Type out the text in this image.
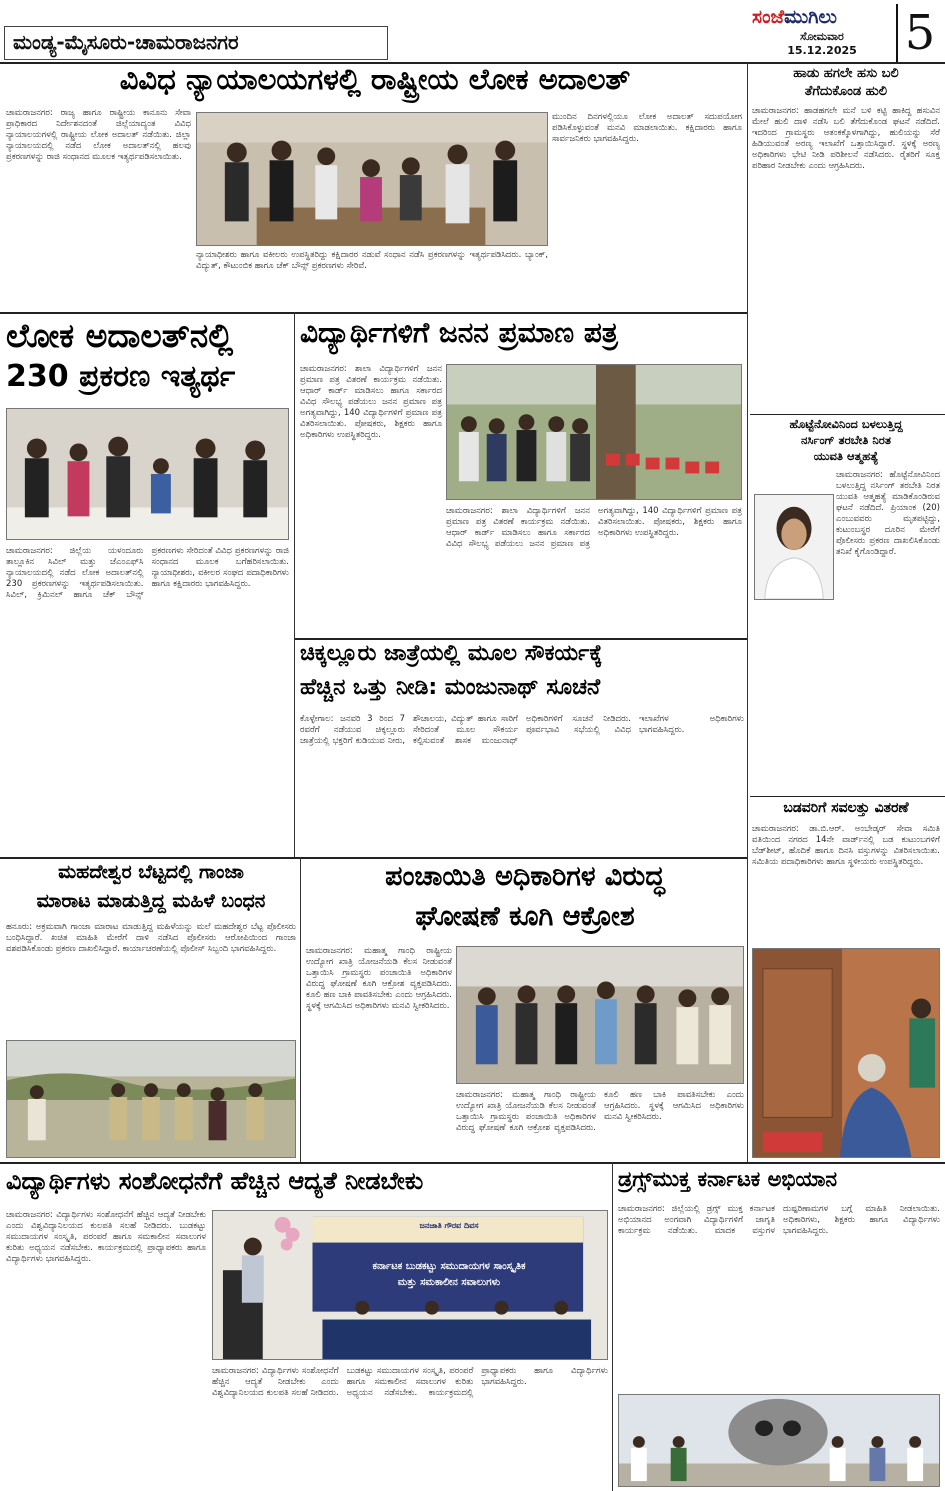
ಮಂಡ್ಯ-ಮೈಸೂರು-ಚಾಮರಾಜನಗರ
ಸಂಜೆಮುಗಿಲು
ಸೋಮವಾರ
15.12.2025 5
ವಿವಿಧ ನ್ಯಾಯಾಲಯಗಳಲ್ಲಿ ರಾಷ್ಟ್ರೀಯ ಲೋಕ ಅದಾಲತ್
ಚಾಮರಾಜನಗರ: ರಾಜ್ಯ ಹಾಗೂ ರಾಷ್ಟ್ರೀಯ ಕಾನೂನು ಸೇವಾ ಪ್ರಾಧಿಕಾರದ ನಿರ್ದೇಶನದಂತೆ ಜಿಲ್ಲೆಯಾದ್ಯಂತ ವಿವಿಧ ನ್ಯಾಯಾಲಯಗಳಲ್ಲಿ ರಾಷ್ಟ್ರೀಯ ಲೋಕ ಅದಾಲತ್ ನಡೆಯಿತು. ಜಿಲ್ಲಾ ನ್ಯಾಯಾಲಯದಲ್ಲಿ ನಡೆದ ಲೋಕ ಅದಾಲತ್‌ನಲ್ಲಿ ಹಲವು ಪ್ರಕರಣಗಳನ್ನು ರಾಜಿ ಸಂಧಾನದ ಮೂಲಕ ಇತ್ಯರ್ಥಪಡಿಸಲಾಯಿತು.
ನ್ಯಾಯಾಧೀಶರು ಹಾಗೂ ವಕೀಲರು ಉಪಸ್ಥಿತರಿದ್ದು ಕಕ್ಷಿದಾರರ ನಡುವೆ ಸಂಧಾನ ನಡೆಸಿ ಪ್ರಕರಣಗಳನ್ನು ಇತ್ಯರ್ಥಪಡಿಸಿದರು. ಬ್ಯಾಂಕ್, ವಿದ್ಯುತ್, ಕೌಟುಂಬಿಕ ಹಾಗೂ ಚೆಕ್ ಬೌನ್ಸ್ ಪ್ರಕರಣಗಳು ಸೇರಿವೆ.
ಮುಂದಿನ ದಿನಗಳಲ್ಲಿಯೂ ಲೋಕ ಅದಾಲತ್ ಸದುಪಯೋಗ ಪಡಿಸಿಕೊಳ್ಳುವಂತೆ ಮನವಿ ಮಾಡಲಾಯಿತು. ಕಕ್ಷಿದಾರರು ಹಾಗೂ ಸಾರ್ವಜನಿಕರು ಭಾಗವಹಿಸಿದ್ದರು.
ಲೋಕ ಅದಾಲತ್‌ನಲ್ಲಿ
230 ಪ್ರಕರಣ ಇತ್ಯರ್ಥ
ಚಾಮರಾಜನಗರ: ಜಿಲ್ಲೆಯ ಯಳಂದೂರು ತಾಲ್ಲೂಕಿನ ಸಿವಿಲ್ ಮತ್ತು ಜೆಎಂಎಫ್‌ಸಿ ನ್ಯಾಯಾಲಯದಲ್ಲಿ ನಡೆದ ಲೋಕ ಅದಾಲತ್‌ನಲ್ಲಿ 230 ಪ್ರಕರಣಗಳನ್ನು ಇತ್ಯರ್ಥಪಡಿಸಲಾಯಿತು. ಸಿವಿಲ್, ಕ್ರಿಮಿನಲ್ ಹಾಗೂ ಚೆಕ್ ಬೌನ್ಸ್ ಪ್ರಕರಣಗಳು ಸೇರಿದಂತೆ ವಿವಿಧ ಪ್ರಕರಣಗಳನ್ನು ರಾಜಿ ಸಂಧಾನದ ಮೂಲಕ ಬಗೆಹರಿಸಲಾಯಿತು. ನ್ಯಾಯಾಧೀಶರು, ವಕೀಲರ ಸಂಘದ ಪದಾಧಿಕಾರಿಗಳು ಹಾಗೂ ಕಕ್ಷಿದಾರರು ಭಾಗವಹಿಸಿದ್ದರು.
ವಿದ್ಯಾರ್ಥಿಗಳಿಗೆ ಜನನ ಪ್ರಮಾಣ ಪತ್ರ
ಚಾಮರಾಜನಗರ: ಶಾಲಾ ವಿದ್ಯಾರ್ಥಿಗಳಿಗೆ ಜನನ ಪ್ರಮಾಣ ಪತ್ರ ವಿತರಣೆ ಕಾರ್ಯಕ್ರಮ ನಡೆಯಿತು. ಆಧಾರ್ ಕಾರ್ಡ್ ಮಾಡಿಸಲು ಹಾಗೂ ಸರ್ಕಾರದ ವಿವಿಧ ಸೌಲಭ್ಯ ಪಡೆಯಲು ಜನನ ಪ್ರಮಾಣ ಪತ್ರ ಅಗತ್ಯವಾಗಿದ್ದು, 140 ವಿದ್ಯಾರ್ಥಿಗಳಿಗೆ ಪ್ರಮಾಣ ಪತ್ರ ವಿತರಿಸಲಾಯಿತು. ಪೋಷಕರು, ಶಿಕ್ಷಕರು ಹಾಗೂ ಅಧಿಕಾರಿಗಳು ಉಪಸ್ಥಿತರಿದ್ದರು.
ಚಾಮರಾಜನಗರ: ಶಾಲಾ ವಿದ್ಯಾರ್ಥಿಗಳಿಗೆ ಜನನ ಪ್ರಮಾಣ ಪತ್ರ ವಿತರಣೆ ಕಾರ್ಯಕ್ರಮ ನಡೆಯಿತು. ಆಧಾರ್ ಕಾರ್ಡ್ ಮಾಡಿಸಲು ಹಾಗೂ ಸರ್ಕಾರದ ವಿವಿಧ ಸೌಲಭ್ಯ ಪಡೆಯಲು ಜನನ ಪ್ರಮಾಣ ಪತ್ರ ಅಗತ್ಯವಾಗಿದ್ದು, 140 ವಿದ್ಯಾರ್ಥಿಗಳಿಗೆ ಪ್ರಮಾಣ ಪತ್ರ ವಿತರಿಸಲಾಯಿತು. ಪೋಷಕರು, ಶಿಕ್ಷಕರು ಹಾಗೂ ಅಧಿಕಾರಿಗಳು ಉಪಸ್ಥಿತರಿದ್ದರು.
ಚಿಕ್ಕಲ್ಲೂರು ಜಾತ್ರೆಯಲ್ಲಿ ಮೂಲ ಸೌಕರ್ಯಕ್ಕೆ
ಹೆಚ್ಚಿನ ಒತ್ತು ನೀಡಿ: ಮಂಜುನಾಥ್ ಸೂಚನೆ
ಕೊಳ್ಳೇಗಾಲ: ಜನವರಿ 3 ರಿಂದ 7 ರವರೆಗೆ ನಡೆಯುವ ಚಿಕ್ಕಲ್ಲೂರು ಜಾತ್ರೆಯಲ್ಲಿ ಭಕ್ತರಿಗೆ ಕುಡಿಯುವ ನೀರು, ಶೌಚಾಲಯ, ವಿದ್ಯುತ್ ಹಾಗೂ ಸಾರಿಗೆ ಸೇರಿದಂತೆ ಮೂಲ ಸೌಕರ್ಯ ಕಲ್ಪಿಸುವಂತೆ ಶಾಸಕ ಮಂಜುನಾಥ್ ಅಧಿಕಾರಿಗಳಿಗೆ ಸೂಚನೆ ನೀಡಿದರು. ಪೂರ್ವಭಾವಿ ಸಭೆಯಲ್ಲಿ ವಿವಿಧ ಇಲಾಖೆಗಳ ಅಧಿಕಾರಿಗಳು ಭಾಗವಹಿಸಿದ್ದರು.
ಮಹದೇಶ್ವರ ಬೆಟ್ಟದಲ್ಲಿ ಗಾಂಜಾ
ಮಾರಾಟ ಮಾಡುತ್ತಿದ್ದ ಮಹಿಳೆ ಬಂಧನ
ಹನೂರು: ಅಕ್ರಮವಾಗಿ ಗಾಂಜಾ ಮಾರಾಟ ಮಾಡುತ್ತಿದ್ದ ಮಹಿಳೆಯನ್ನು ಮಲೆ ಮಹದೇಶ್ವರ ಬೆಟ್ಟ ಪೊಲೀಸರು ಬಂಧಿಸಿದ್ದಾರೆ. ಖಚಿತ ಮಾಹಿತಿ ಮೇರೆಗೆ ದಾಳಿ ನಡೆಸಿದ ಪೊಲೀಸರು ಆರೋಪಿಯಿಂದ ಗಾಂಜಾ ವಶಪಡಿಸಿಕೊಂಡು ಪ್ರಕರಣ ದಾಖಲಿಸಿದ್ದಾರೆ. ಕಾರ್ಯಾಚರಣೆಯಲ್ಲಿ ಪೊಲೀಸ್ ಸಿಬ್ಬಂದಿ ಭಾಗವಹಿಸಿದ್ದರು.
ಪಂಚಾಯಿತಿ ಅಧಿಕಾರಿಗಳ ವಿರುದ್ಧ
ಘೋಷಣೆ ಕೂಗಿ ಆಕ್ರೋಶ
ಚಾಮರಾಜನಗರ: ಮಹಾತ್ಮ ಗಾಂಧಿ ರಾಷ್ಟ್ರೀಯ ಉದ್ಯೋಗ ಖಾತ್ರಿ ಯೋಜನೆಯಡಿ ಕೆಲಸ ನೀಡುವಂತೆ ಒತ್ತಾಯಿಸಿ ಗ್ರಾಮಸ್ಥರು ಪಂಚಾಯಿತಿ ಅಧಿಕಾರಿಗಳ ವಿರುದ್ಧ ಘೋಷಣೆ ಕೂಗಿ ಆಕ್ರೋಶ ವ್ಯಕ್ತಪಡಿಸಿದರು. ಕೂಲಿ ಹಣ ಬಾಕಿ ಪಾವತಿಸಬೇಕು ಎಂದು ಆಗ್ರಹಿಸಿದರು. ಸ್ಥಳಕ್ಕೆ ಆಗಮಿಸಿದ ಅಧಿಕಾರಿಗಳು ಮನವಿ ಸ್ವೀಕರಿಸಿದರು.
ಚಾಮರಾಜನಗರ: ಮಹಾತ್ಮ ಗಾಂಧಿ ರಾಷ್ಟ್ರೀಯ ಉದ್ಯೋಗ ಖಾತ್ರಿ ಯೋಜನೆಯಡಿ ಕೆಲಸ ನೀಡುವಂತೆ ಒತ್ತಾಯಿಸಿ ಗ್ರಾಮಸ್ಥರು ಪಂಚಾಯಿತಿ ಅಧಿಕಾರಿಗಳ ವಿರುದ್ಧ ಘೋಷಣೆ ಕೂಗಿ ಆಕ್ರೋಶ ವ್ಯಕ್ತಪಡಿಸಿದರು. ಕೂಲಿ ಹಣ ಬಾಕಿ ಪಾವತಿಸಬೇಕು ಎಂದು ಆಗ್ರಹಿಸಿದರು. ಸ್ಥಳಕ್ಕೆ ಆಗಮಿಸಿದ ಅಧಿಕಾರಿಗಳು ಮನವಿ ಸ್ವೀಕರಿಸಿದರು.
ವಿದ್ಯಾರ್ಥಿಗಳು ಸಂಶೋಧನೆಗೆ ಹೆಚ್ಚಿನ ಆದ್ಯತೆ ನೀಡಬೇಕು
ಚಾಮರಾಜನಗರ: ವಿದ್ಯಾರ್ಥಿಗಳು ಸಂಶೋಧನೆಗೆ ಹೆಚ್ಚಿನ ಆದ್ಯತೆ ನೀಡಬೇಕು ಎಂದು ವಿಶ್ವವಿದ್ಯಾನಿಲಯದ ಕುಲಪತಿ ಸಲಹೆ ನೀಡಿದರು. ಬುಡಕಟ್ಟು ಸಮುದಾಯಗಳ ಸಂಸ್ಕೃತಿ, ಪರಂಪರೆ ಹಾಗೂ ಸಮಕಾಲೀನ ಸವಾಲುಗಳ ಕುರಿತು ಅಧ್ಯಯನ ನಡೆಸಬೇಕು. ಕಾರ್ಯಕ್ರಮದಲ್ಲಿ ಪ್ರಾಧ್ಯಾಪಕರು ಹಾಗೂ ವಿದ್ಯಾರ್ಥಿಗಳು ಭಾಗವಹಿಸಿದ್ದರು.
ಜನಜಾತಿ ಗೌರವ ದಿವಸ
ಕರ್ನಾಟಕ ಬುಡಕಟ್ಟು ಸಮುದಾಯಗಳ ಸಾಂಸ್ಕೃತಿಕ
ಮತ್ತು ಸಮಕಾಲೀನ ಸವಾಲುಗಳು
ಚಾಮರಾಜನಗರ: ವಿದ್ಯಾರ್ಥಿಗಳು ಸಂಶೋಧನೆಗೆ ಹೆಚ್ಚಿನ ಆದ್ಯತೆ ನೀಡಬೇಕು ಎಂದು ವಿಶ್ವವಿದ್ಯಾನಿಲಯದ ಕುಲಪತಿ ಸಲಹೆ ನೀಡಿದರು. ಬುಡಕಟ್ಟು ಸಮುದಾಯಗಳ ಸಂಸ್ಕೃತಿ, ಪರಂಪರೆ ಹಾಗೂ ಸಮಕಾಲೀನ ಸವಾಲುಗಳ ಕುರಿತು ಅಧ್ಯಯನ ನಡೆಸಬೇಕು. ಕಾರ್ಯಕ್ರಮದಲ್ಲಿ ಪ್ರಾಧ್ಯಾಪಕರು ಹಾಗೂ ವಿದ್ಯಾರ್ಥಿಗಳು ಭಾಗವಹಿಸಿದ್ದರು.
ಡ್ರಗ್ಸ್‌ಮುಕ್ತ ಕರ್ನಾಟಕ ಅಭಿಯಾನ
ಚಾಮರಾಜನಗರ: ಜಿಲ್ಲೆಯಲ್ಲಿ ಡ್ರಗ್ಸ್ ಮುಕ್ತ ಕರ್ನಾಟಕ ಅಭಿಯಾನದ ಅಂಗವಾಗಿ ವಿದ್ಯಾರ್ಥಿಗಳಿಗೆ ಜಾಗೃತಿ ಕಾರ್ಯಕ್ರಮ ನಡೆಯಿತು. ಮಾದಕ ವಸ್ತುಗಳ ದುಷ್ಪರಿಣಾಮಗಳ ಬಗ್ಗೆ ಮಾಹಿತಿ ನೀಡಲಾಯಿತು. ಅಧಿಕಾರಿಗಳು, ಶಿಕ್ಷಕರು ಹಾಗೂ ವಿದ್ಯಾರ್ಥಿಗಳು ಭಾಗವಹಿಸಿದ್ದರು.
ಹಾಡು ಹಗಲೇ ಹಸು ಬಲಿ
ತೆಗೆದುಕೊಂಡ ಹುಲಿ
ಚಾಮರಾಜನಗರ: ಹಾಡಹಗಲೇ ಮನೆ ಬಳಿ ಕಟ್ಟಿ ಹಾಕಿದ್ದ ಹಸುವಿನ ಮೇಲೆ ಹುಲಿ ದಾಳಿ ನಡೆಸಿ ಬಲಿ ತೆಗೆದುಕೊಂಡ ಘಟನೆ ನಡೆದಿದೆ. ಇದರಿಂದ ಗ್ರಾಮಸ್ಥರು ಆತಂಕಕ್ಕೊಳಗಾಗಿದ್ದು, ಹುಲಿಯನ್ನು ಸೆರೆ ಹಿಡಿಯುವಂತೆ ಅರಣ್ಯ ಇಲಾಖೆಗೆ ಒತ್ತಾಯಿಸಿದ್ದಾರೆ. ಸ್ಥಳಕ್ಕೆ ಅರಣ್ಯ ಅಧಿಕಾರಿಗಳು ಭೇಟಿ ನೀಡಿ ಪರಿಶೀಲನೆ ನಡೆಸಿದರು. ರೈತರಿಗೆ ಸೂಕ್ತ ಪರಿಹಾರ ನೀಡಬೇಕು ಎಂದು ಆಗ್ರಹಿಸಿದರು.
ಹೊಟ್ಟೆನೋವಿನಿಂದ ಬಳಲುತ್ತಿದ್ದ
ನರ್ಸಿಂಗ್ ತರಬೇತಿ ನಿರತ
ಯುವತಿ ಆತ್ಮಹತ್ಯೆ
ಚಾಮರಾಜನಗರ: ಹೊಟ್ಟೆನೋವಿನಿಂದ ಬಳಲುತ್ತಿದ್ದ ನರ್ಸಿಂಗ್ ತರಬೇತಿ ನಿರತ ಯುವತಿ ಆತ್ಮಹತ್ಯೆ ಮಾಡಿಕೊಂಡಿರುವ ಘಟನೆ ನಡೆದಿದೆ. ಪ್ರಿಯಾಂಕ (20) ಎಂಬುವವರು ಮೃತಪಟ್ಟಿದ್ದು, ಕುಟುಂಬಸ್ಥರ ದೂರಿನ ಮೇರೆಗೆ ಪೊಲೀಸರು ಪ್ರಕರಣ ದಾಖಲಿಸಿಕೊಂಡು ತನಿಖೆ ಕೈಗೊಂಡಿದ್ದಾರೆ.
ಬಡವರಿಗೆ ಸವಲತ್ತು ವಿತರಣೆ
ಚಾಮರಾಜನಗರ: ಡಾ.ಬಿ.ಆರ್. ಅಂಬೇಡ್ಕರ್ ಸೇವಾ ಸಮಿತಿ ವತಿಯಿಂದ ನಗರದ 14ನೇ ವಾರ್ಡ್‌ನಲ್ಲಿ ಬಡ ಕುಟುಂಬಗಳಿಗೆ ಬೆಡ್‌ಶೀಟ್, ಹೊದಿಕೆ ಹಾಗೂ ದಿನಸಿ ವಸ್ತುಗಳನ್ನು ವಿತರಿಸಲಾಯಿತು. ಸಮಿತಿಯ ಪದಾಧಿಕಾರಿಗಳು ಹಾಗೂ ಸ್ಥಳೀಯರು ಉಪಸ್ಥಿತರಿದ್ದರು.
